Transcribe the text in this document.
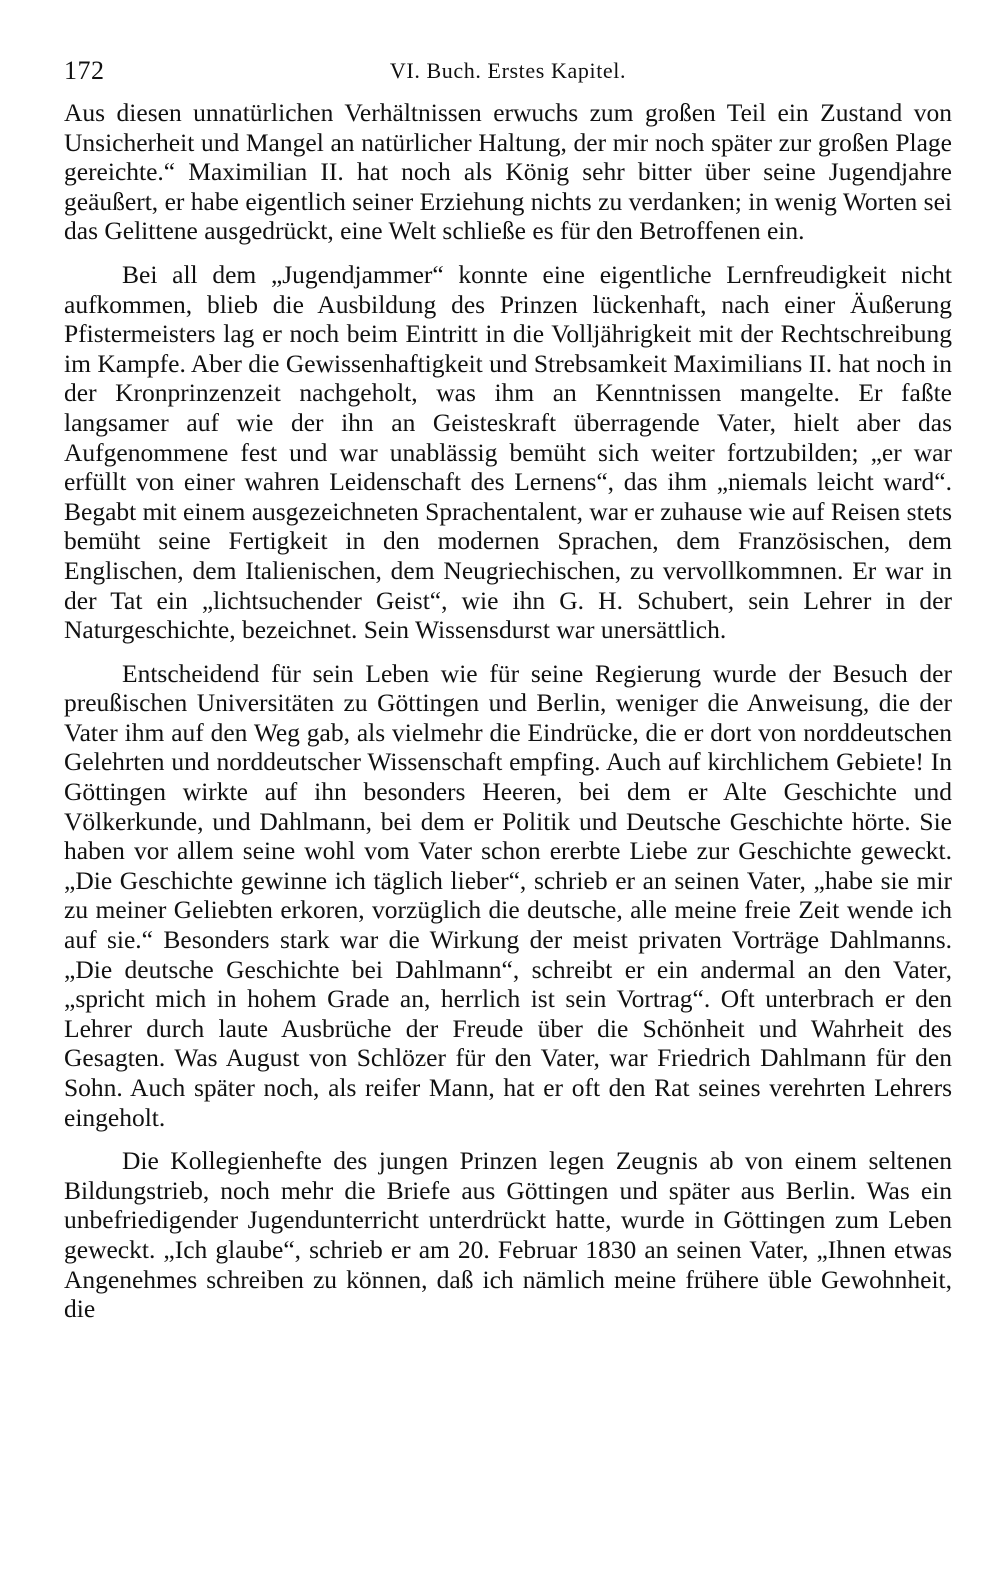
172	VI. Buch. Erstes Kapitel.

Aus diesen unnatürlichen Verhältnissen erwuchs zum großen Teil ein Zustand von Unsicherheit und Mangel an natürlicher Haltung, der mir noch später zur großen Plage gereichte.“ Maximilian II. hat noch als König sehr bitter über seine Jugendjahre geäußert, er habe eigentlich seiner Erziehung nichts zu verdanken; in wenig Worten sei das Gelittene ausgedrückt, eine Welt schließe es für den Betroffenen ein.

Bei all dem „Jugendjammer“ konnte eine eigentliche Lernfreudigkeit nicht aufkommen, blieb die Ausbildung des Prinzen lückenhaft, nach einer Äußerung Pfistermeisters lag er noch beim Eintritt in die Volljährigkeit mit der Rechtschreibung im Kampfe. Aber die Gewissenhaftigkeit und Strebsamkeit Maximilians II. hat noch in der Kronprinzenzeit nachgeholt, was ihm an Kenntnissen mangelte. Er faßte langsamer auf wie der ihn an Geisteskraft überragende Vater, hielt aber das Aufgenommene fest und war unablässig bemüht sich weiter fortzubilden; „er war erfüllt von einer wahren Leidenschaft des Lernens“, das ihm „niemals leicht ward“. Begabt mit einem ausgezeichneten Sprachentalent, war er zuhause wie auf Reisen stets bemüht seine Fertigkeit in den modernen Sprachen, dem Französischen, dem Englischen, dem Italienischen, dem Neugriechischen, zu vervollkommnen. Er war in der Tat ein „lichtsuchender Geist“, wie ihn G. H. Schubert, sein Lehrer in der Naturgeschichte, bezeichnet. Sein Wissensdurst war unersättlich.

Entscheidend für sein Leben wie für seine Regierung wurde der Besuch der preußischen Universitäten zu Göttingen und Berlin, weniger die Anweisung, die der Vater ihm auf den Weg gab, als vielmehr die Eindrücke, die er dort von norddeutschen Gelehrten und norddeutscher Wissenschaft empfing. Auch auf kirchlichem Gebiete! In Göttingen wirkte auf ihn besonders Heeren, bei dem er Alte Geschichte und Völkerkunde, und Dahlmann, bei dem er Politik und Deutsche Geschichte hörte. Sie haben vor allem seine wohl vom Vater schon ererbte Liebe zur Geschichte geweckt. „Die Geschichte gewinne ich täglich lieber“, schrieb er an seinen Vater, „habe sie mir zu meiner Geliebten erkoren, vorzüglich die deutsche, alle meine freie Zeit wende ich auf sie.“ Besonders stark war die Wirkung der meist privaten Vorträge Dahlmanns. „Die deutsche Geschichte bei Dahlmann“, schreibt er ein andermal an den Vater, „spricht mich in hohem Grade an, herrlich ist sein Vortrag“. Oft unterbrach er den Lehrer durch laute Ausbrüche der Freude über die Schönheit und Wahrheit des Gesagten. Was August von Schlözer für den Vater, war Friedrich Dahlmann für den Sohn. Auch später noch, als reifer Mann, hat er oft den Rat seines verehrten Lehrers eingeholt.

Die Kollegienhefte des jungen Prinzen legen Zeugnis ab von einem seltenen Bildungstrieb, noch mehr die Briefe aus Göttingen und später aus Berlin. Was ein unbefriedigender Jugendunterricht unterdrückt hatte, wurde in Göttingen zum Leben geweckt. „Ich glaube“, schrieb er am 20. Februar 1830 an seinen Vater, „Ihnen etwas Angenehmes schreiben zu können, daß ich nämlich meine frühere üble Gewohnheit, die
